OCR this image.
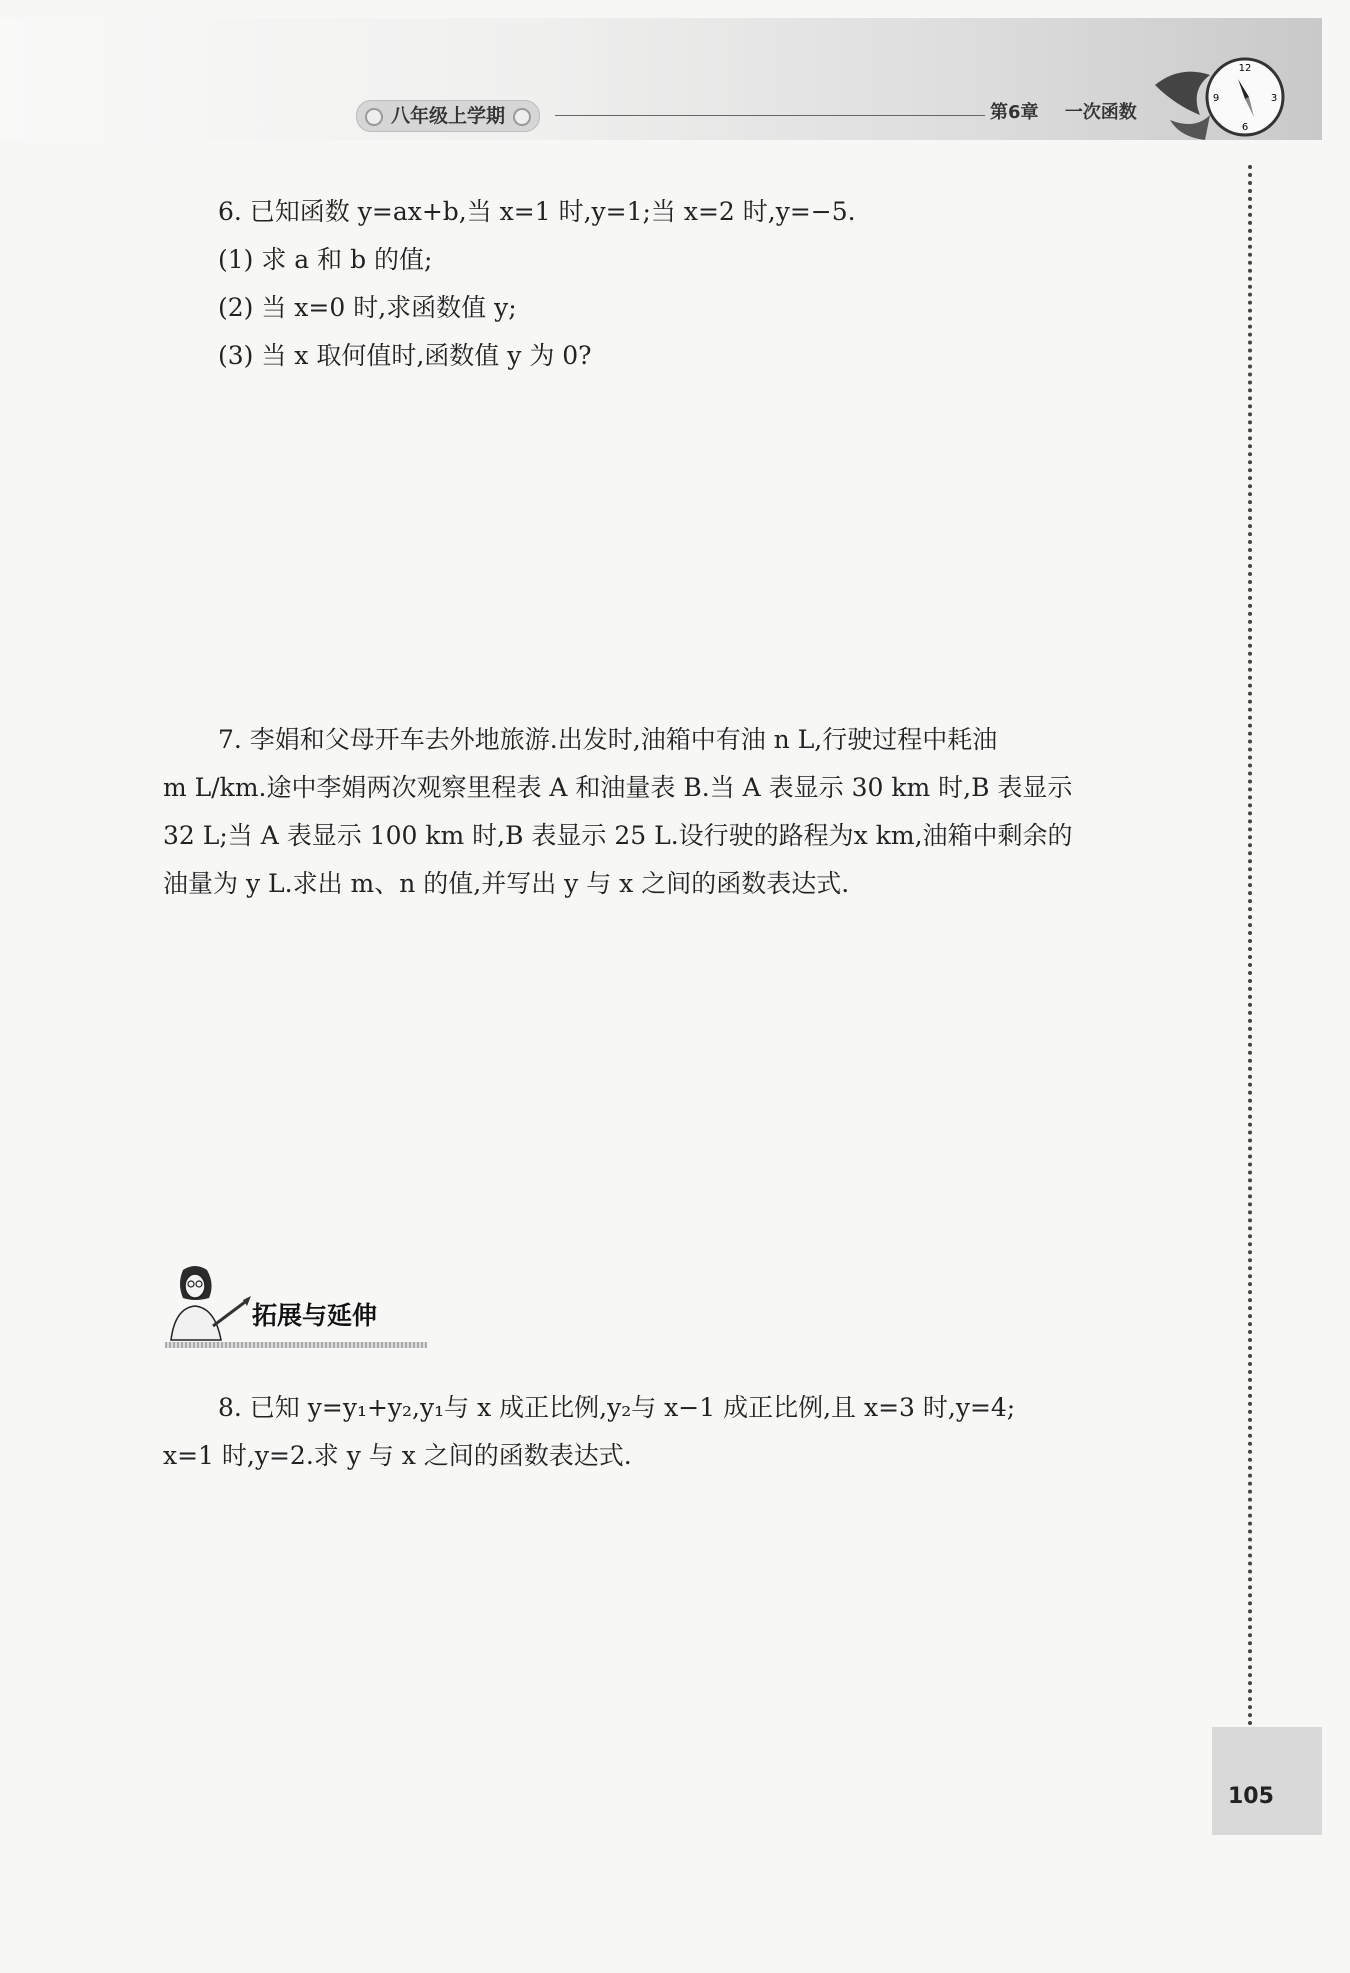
八年级上学期	第6章 一次函数
12
9	3
6
6. 已知函数 y=ax+b,当 x=1 时,y=1;当 x=2 时,y=−5.
(1) 求 a 和 b 的值;
(2) 当 x=0 时,求函数值 y;
(3) 当 x 取何值时,函数值 y 为 0?
7. 李娟和父母开车去外地旅游.出发时,油箱中有油 n L,行驶过程中耗油
m L/km.途中李娟两次观察里程表 A 和油量表 B.当 A 表显示 30 km 时,B 表显示
32 L;当 A 表显示 100 km 时,B 表显示 25 L.设行驶的路程为x km,油箱中剩余的
油量为 y L.求出 m、n 的值,并写出 y 与 x 之间的函数表达式.
拓展与延伸
8. 已知 y=y₁+y₂,y₁与 x 成正比例,y₂与 x−1 成正比例,且 x=3 时,y=4;
x=1 时,y=2.求 y 与 x 之间的函数表达式.
105
